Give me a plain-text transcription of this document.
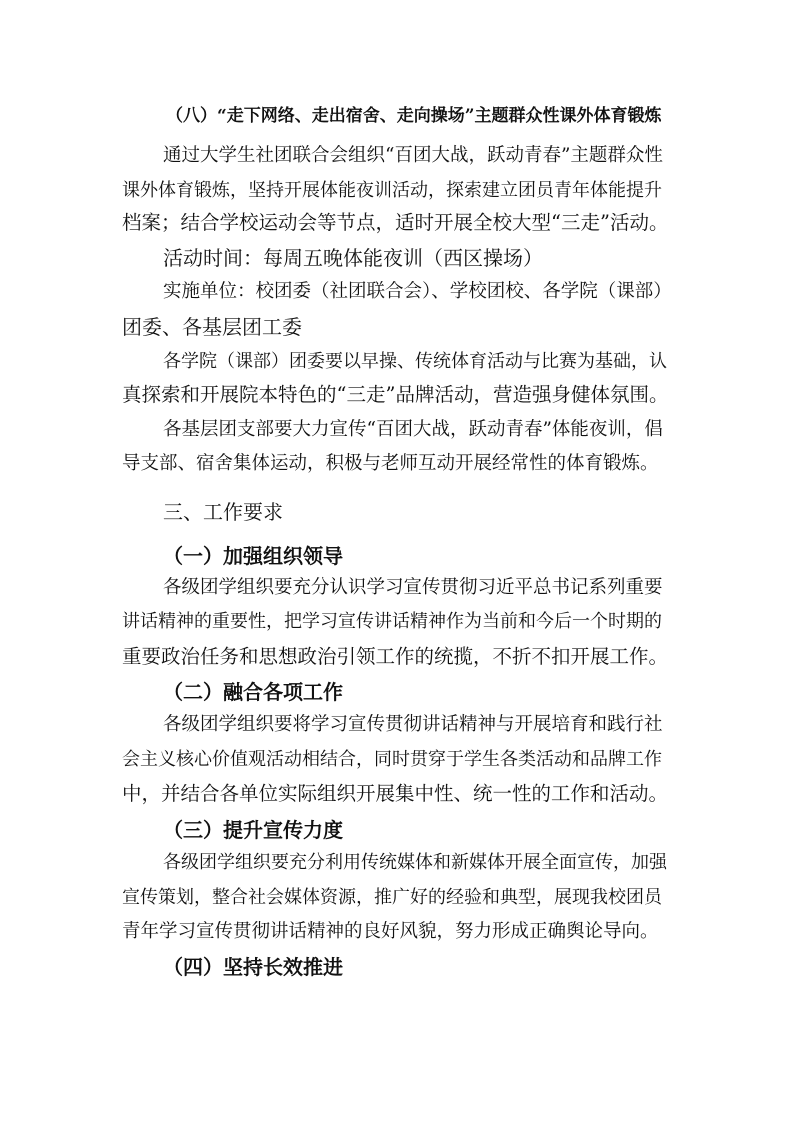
（八）“走下网络、走出宿舍、走向操场”主题群众性课外体育锻炼
通过大学生社团联合会组织“百团大战，跃动青春”主题群众性
课外体育锻炼，坚持开展体能夜训活动，探索建立团员青年体能提升
档案；结合学校运动会等节点，适时开展全校大型“三走”活动。
活动时间：每周五晚体能夜训（西区操场）
实施单位：校团委（社团联合会）、学校团校、各学院（课部）
团委、各基层团工委
各学院（课部）团委要以早操、传统体育活动与比赛为基础，认
真探索和开展院本特色的“三走”品牌活动，营造强身健体氛围。
各基层团支部要大力宣传“百团大战，跃动青春”体能夜训，倡
导支部、宿舍集体运动，积极与老师互动开展经常性的体育锻炼。
三、工作要求
（一）加强组织领导
各级团学组织要充分认识学习宣传贯彻习近平总书记系列重要
讲话精神的重要性，把学习宣传讲话精神作为当前和今后一个时期的
重要政治任务和思想政治引领工作的统揽，不折不扣开展工作。
（二）融合各项工作
各级团学组织要将学习宣传贯彻讲话精神与开展培育和践行社
会主义核心价值观活动相结合，同时贯穿于学生各类活动和品牌工作
中，并结合各单位实际组织开展集中性、统一性的工作和活动。
（三）提升宣传力度
各级团学组织要充分利用传统媒体和新媒体开展全面宣传，加强
宣传策划，整合社会媒体资源，推广好的经验和典型，展现我校团员
青年学习宣传贯彻讲话精神的良好风貌，努力形成正确舆论导向。
（四）坚持长效推进
